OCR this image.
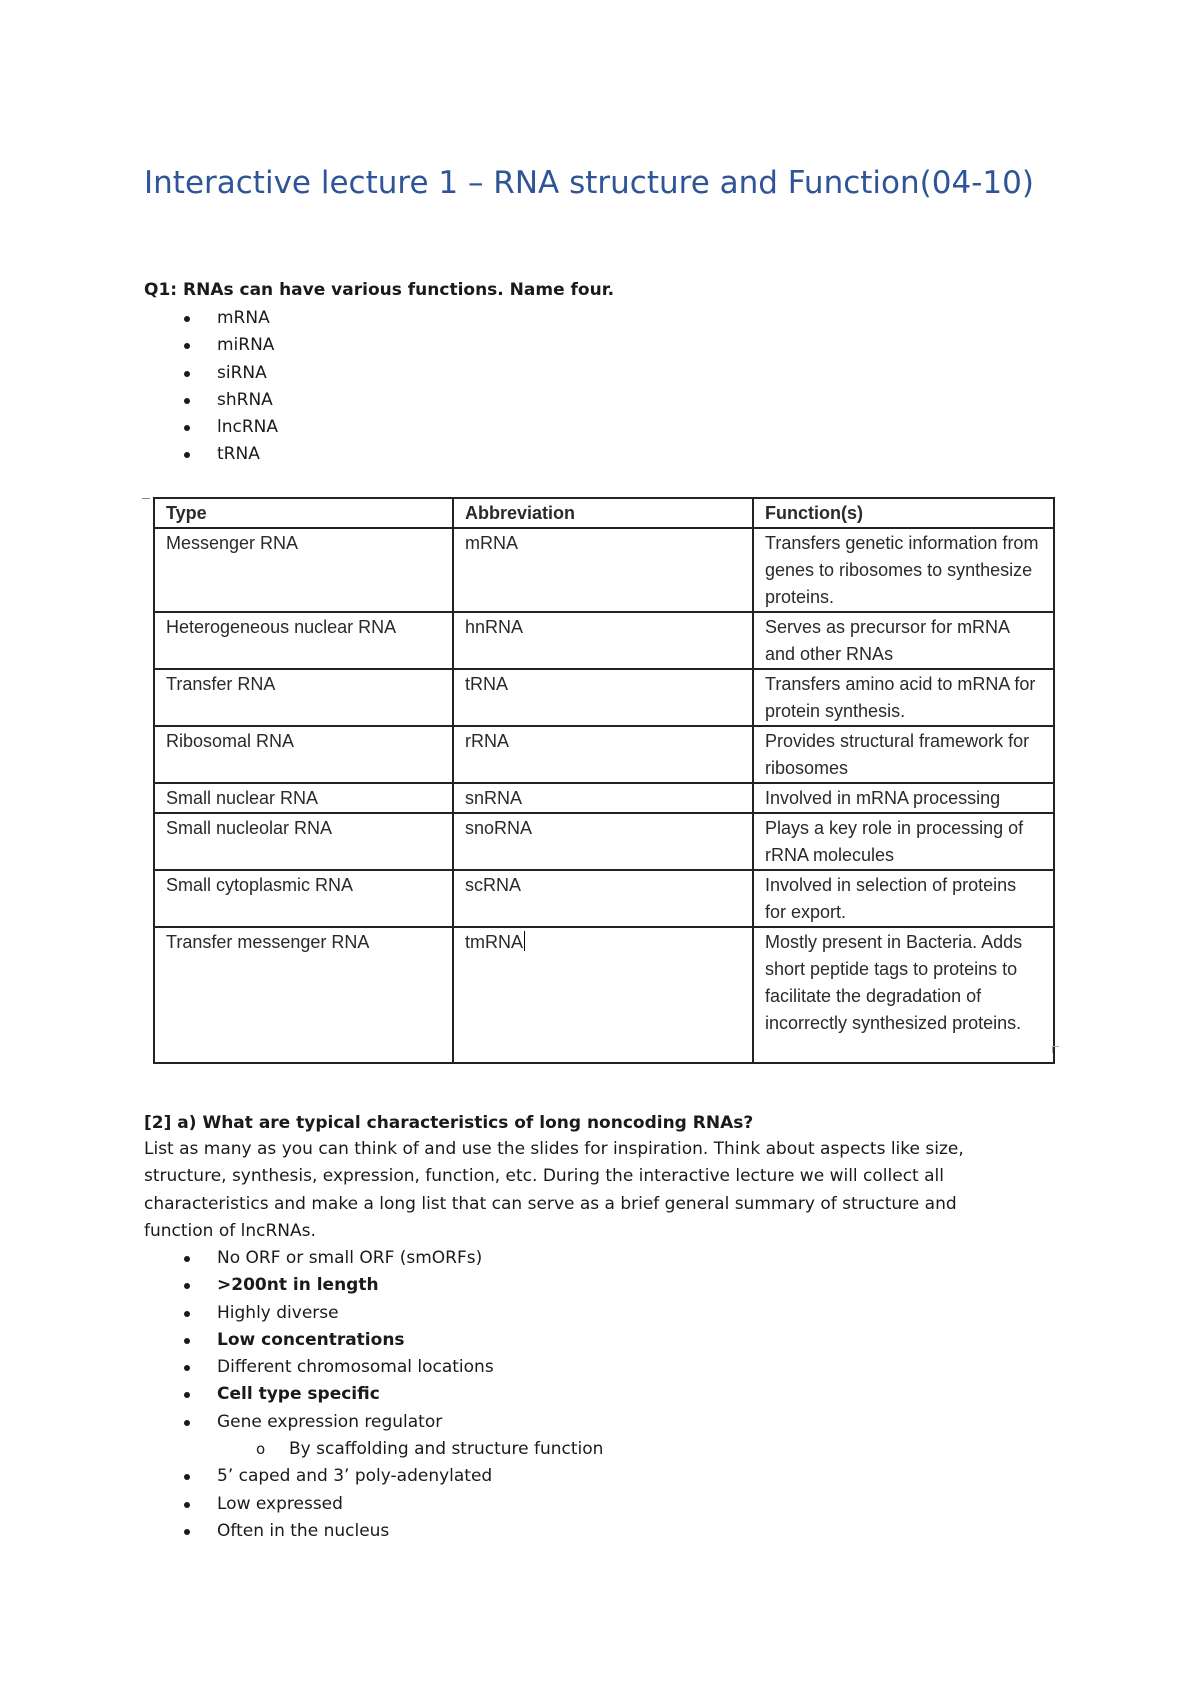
Interactive lecture 1 – RNA structure and Function(04-10)
Q1: RNAs can have various functions. Name four.
mRNA
miRNA
siRNA
shRNA
lncRNA
tRNA
Type	Abbreviation	Function(s)
Messenger RNA	mRNA	Transfers genetic information from genes to ribosomes to synthesize proteins.
Heterogeneous nuclear RNA	hnRNA	Serves as precursor for mRNA and other RNAs
Transfer RNA	tRNA	Transfers amino acid to mRNA for protein synthesis.
Ribosomal RNA	rRNA	Provides structural framework for ribosomes
Small nuclear RNA	snRNA	Involved in mRNA processing
Small nucleolar RNA	snoRNA	Plays a key role in processing of rRNA molecules
Small cytoplasmic RNA	scRNA	Involved in selection of proteins for export.
Transfer messenger RNA	tmRNA	Mostly present in Bacteria. Adds short peptide tags to proteins to facilitate the degradation of incorrectly synthesized proteins.
[2] a) What are typical characteristics of long noncoding RNAs?
List as many as you can think of and use the slides for inspiration. Think about aspects like size, structure, synthesis, expression, function, etc. During the interactive lecture we will collect all characteristics and make a long list that can serve as a brief general summary of structure and function of lncRNAs.
No ORF or small ORF (smORFs)
>200nt in length
Highly diverse
Low concentrations
Different chromosomal locations
Cell type specific
Gene expression regulator
o By scaffolding and structure function
5’ caped and 3’ poly-adenylated
Low expressed
Often in the nucleus
